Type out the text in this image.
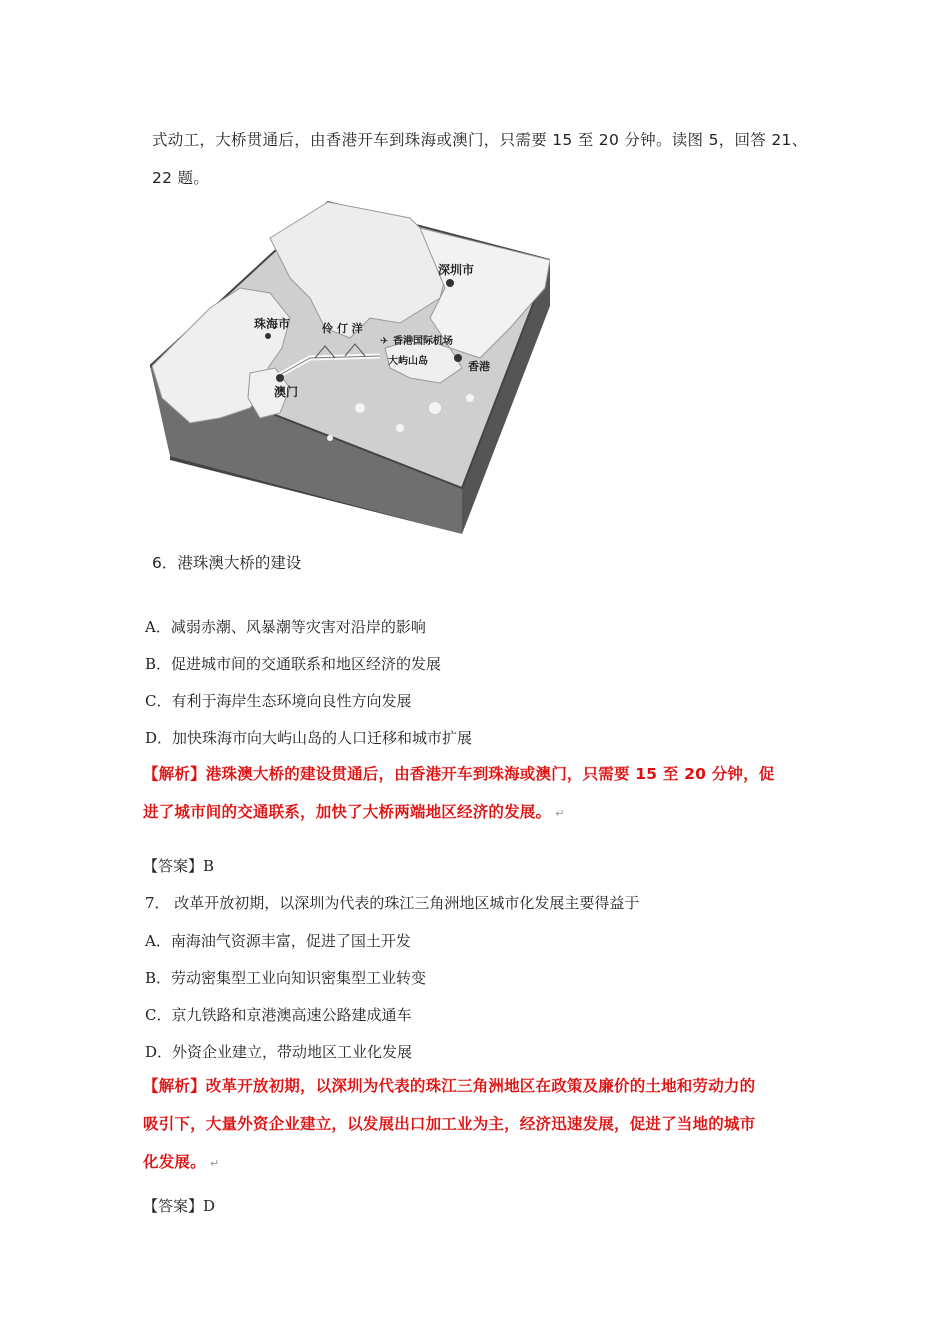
式动工，大桥贯通后，由香港开车到珠海或澳门，只需要 15 至 20 分钟。读图 5，回答 21、
22 题。
深圳市
珠海市	伶 仃 洋
✈ 香港国际机场
大屿山岛	香港
澳门
6．港珠澳大桥的建设
A．减弱赤潮、风暴潮等灾害对沿岸的影响
B．促进城市间的交通联系和地区经济的发展
C．有利于海岸生态环境向良性方向发展
D．加快珠海市向大屿山岛的人口迁移和城市扩展
【解析】港珠澳大桥的建设贯通后，由香港开车到珠海或澳门，只需要 15 至 20 分钟，促
进了城市间的交通联系，加快了大桥两端地区经济的发展。 ↵
【答案】B
7． 改革开放初期，以深圳为代表的珠江三角洲地区城市化发展主要得益于
A．南海油气资源丰富，促进了国土开发
B．劳动密集型工业向知识密集型工业转变
C．京九铁路和京港澳高速公路建成通车
D．外资企业建立，带动地区工业化发展
【解析】改革开放初期，以深圳为代表的珠江三角洲地区在政策及廉价的土地和劳动力的
吸引下，大量外资企业建立，以发展出口加工业为主，经济迅速发展，促进了当地的城市
化发展。 ↵
【答案】D
